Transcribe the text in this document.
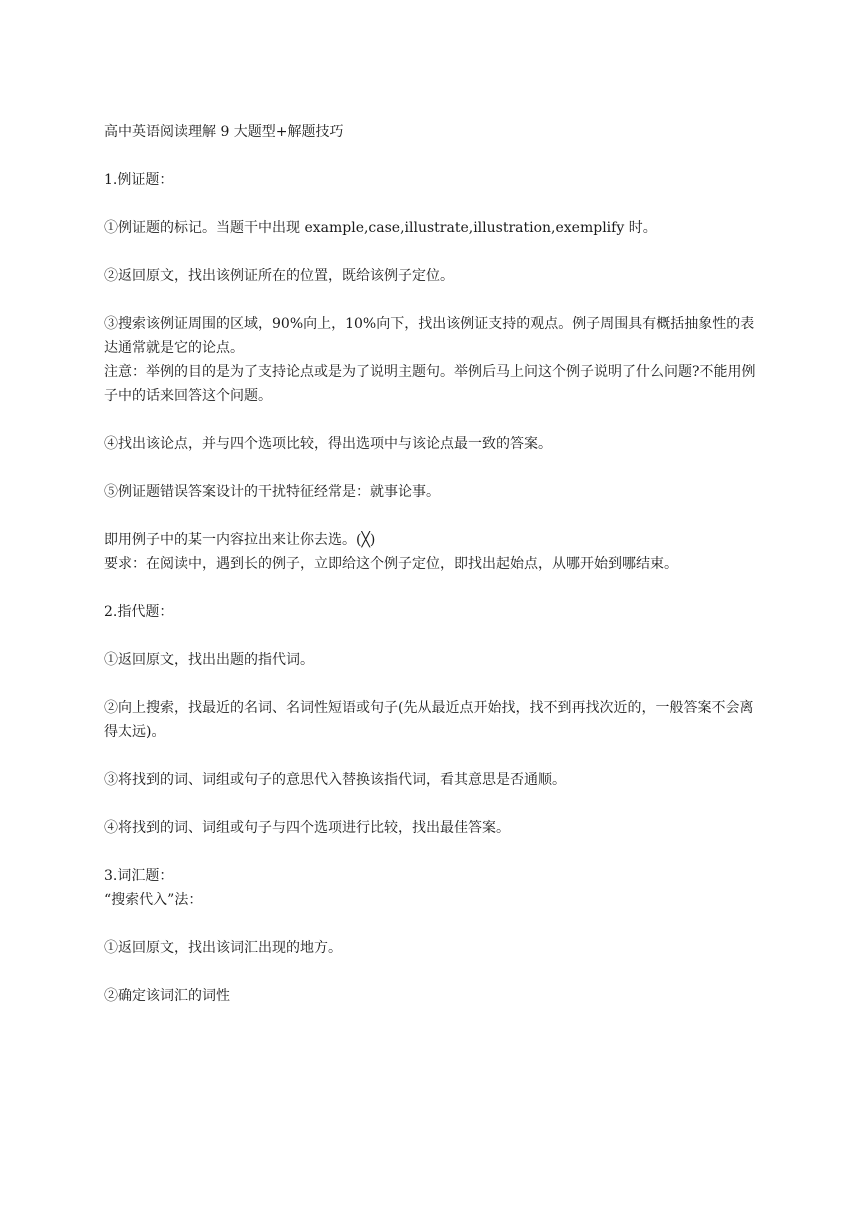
高中英语阅读理解 9 大题型+解题技巧

1.例证题：

①例证题的标记。当题干中出现 example,case,illustrate,illustration,exemplify 时。

②返回原文，找出该例证所在的位置，既给该例子定位。

③搜索该例证周围的区域，90%向上，10%向下，找出该例证支持的观点。例子周围具有概括抽象性的表达通常就是它的论点。

注意：举例的目的是为了支持论点或是为了说明主题句。举例后马上问这个例子说明了什么问题?不能用例子中的话来回答这个问题。

④找出该论点，并与四个选项比较，得出选项中与该论点最一致的答案。

⑤例证题错误答案设计的干扰特征经常是：就事论事。

即用例子中的某一内容拉出来让你去选。(╳)

要求：在阅读中，遇到长的例子，立即给这个例子定位，即找出起始点，从哪开始到哪结束。

2.指代题：

①返回原文，找出出题的指代词。

②向上搜索，找最近的名词、名词性短语或句子(先从最近点开始找，找不到再找次近的，一般答案不会离得太远)。

③将找到的词、词组或句子的意思代入替换该指代词，看其意思是否通顺。

④将找到的词、词组或句子与四个选项进行比较，找出最佳答案。

3.词汇题：

“搜索代入”法：

①返回原文，找出该词汇出现的地方。

②确定该词汇的词性
